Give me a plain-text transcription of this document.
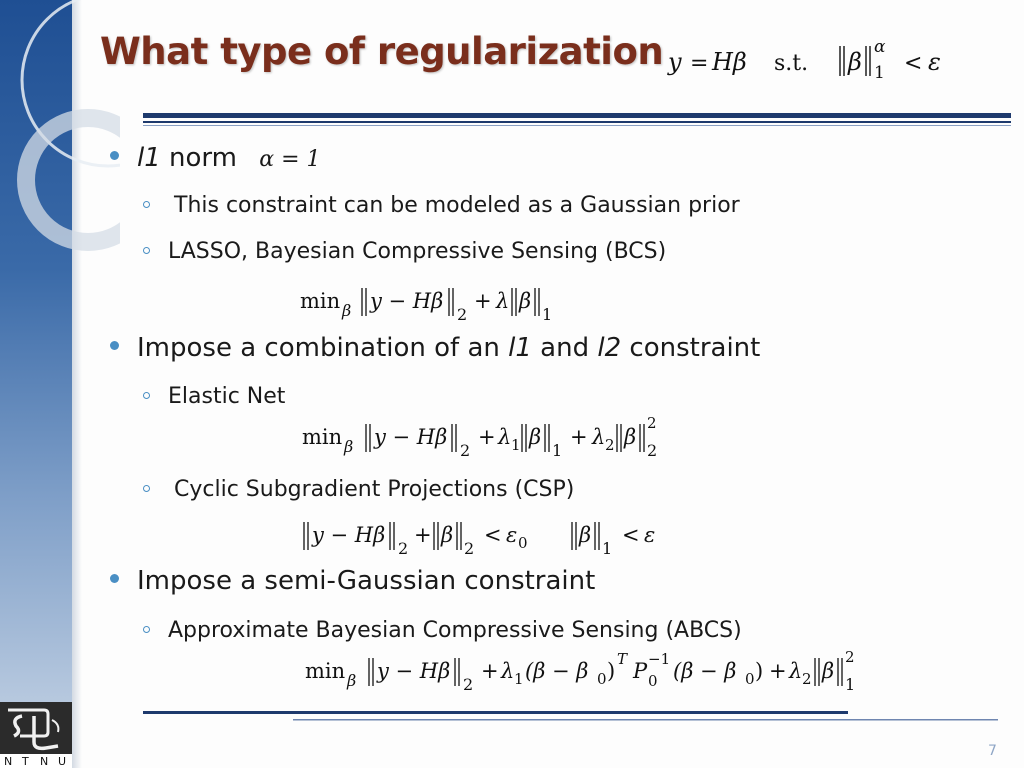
What type of regularization y = Hβ s.t. β
α
1 < ε
l1 norm α = 1
This constraint can be modeled as a Gaussian prior
LASSO, Bayesian Compressive Sensing (BCS)
min β y − Hβ
2
+ λ β
1
Impose a combination of an l1 and l2 constraint
Elastic Net
min β y − Hβ
2
+ λ 1 β
1
+ λ 2 β
2
2
Cyclic Subgradient Projections (CSP)
y − Hβ
2
+ β
2
< ε 0 β
1
< ε
Impose a semi-Gaussian constraint
Approximate Bayesian Compressive Sensing (ABCS)
min β y − Hβ
2
+ λ 1 (β − β 0 ) T P −1
0 (β − β 0 ) + λ 2 β
2
1
N T N U
7
